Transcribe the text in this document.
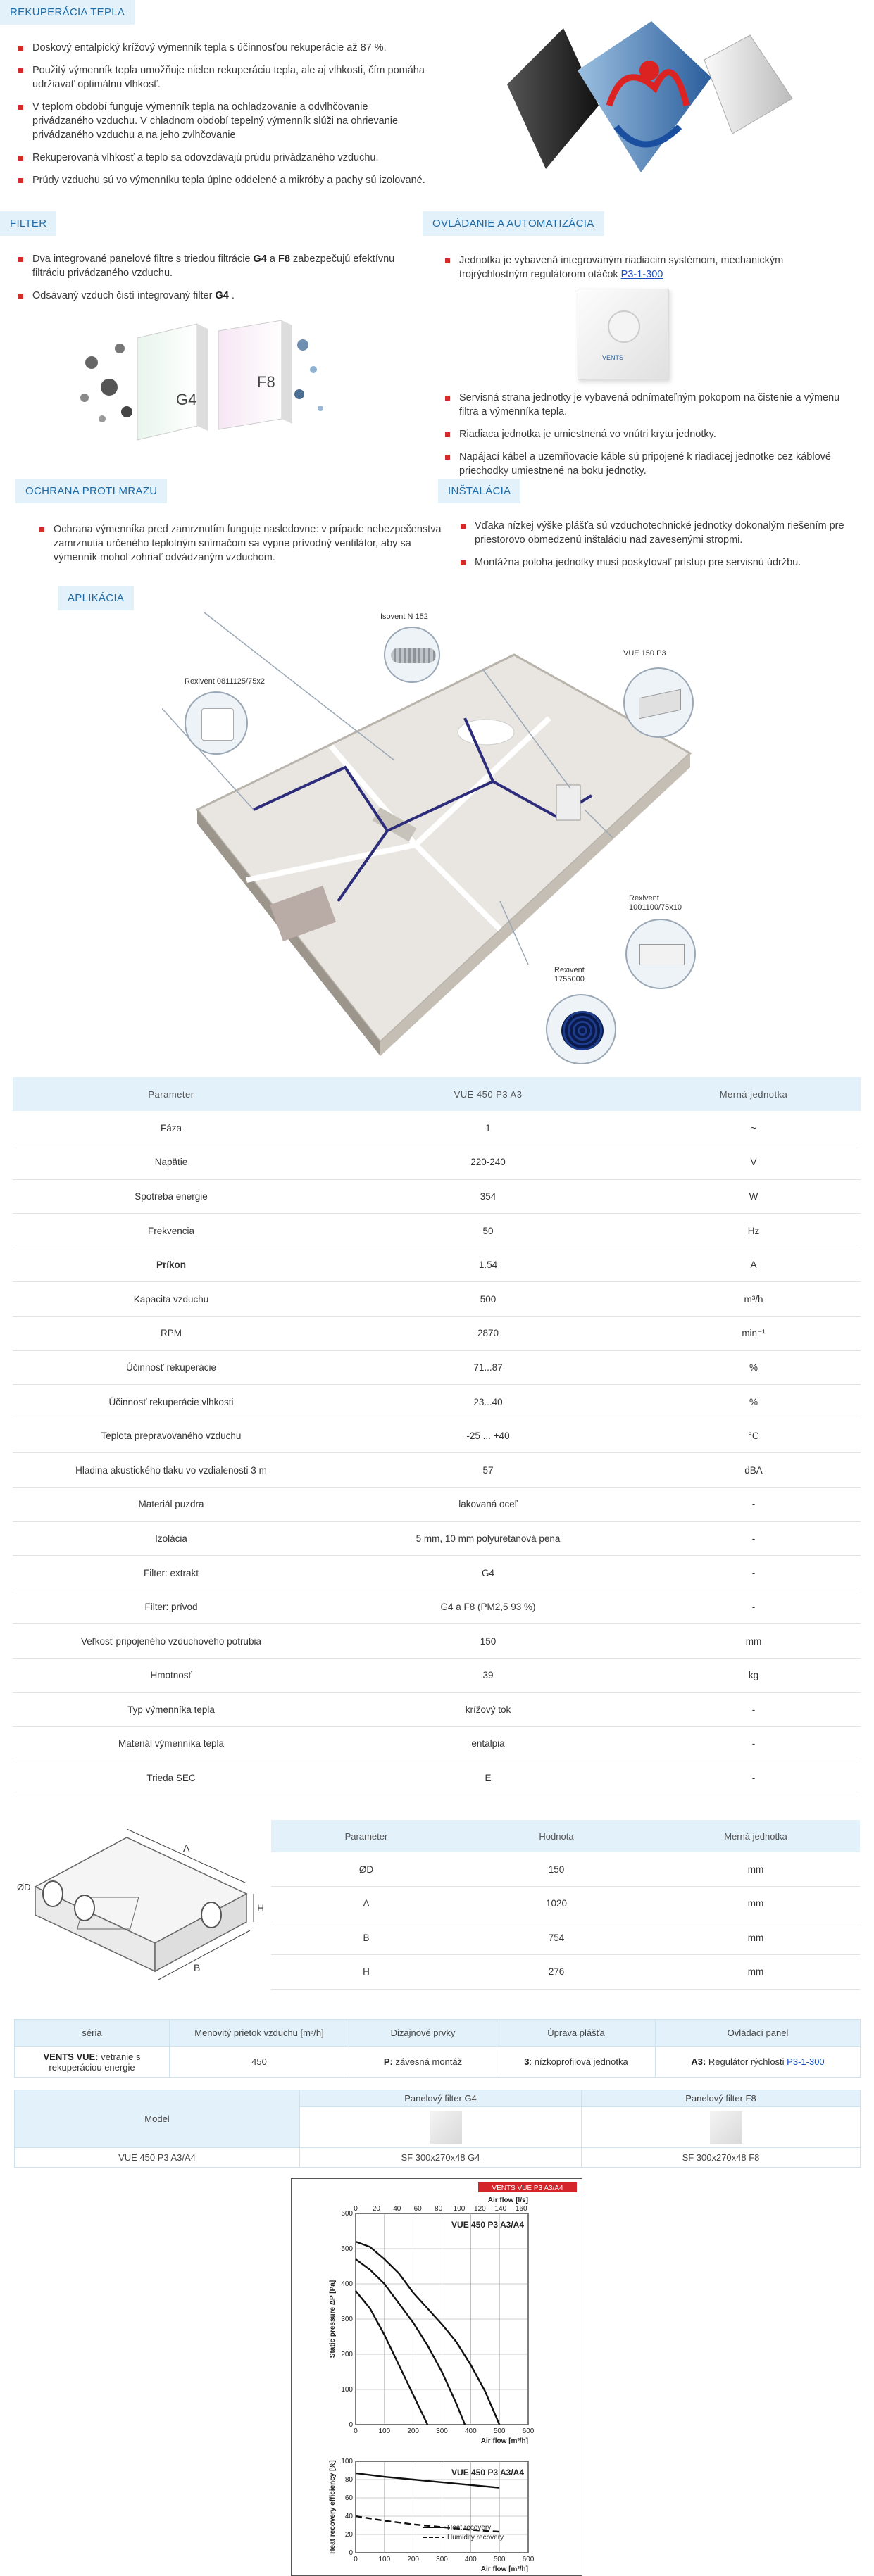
REKUPERÁCIA TEPLA
Doskový entalpický krížový výmenník tepla s účinnosťou rekuperácie až 87 %.
Použitý výmenník tepla umožňuje nielen rekuperáciu tepla, ale aj vlhkosti, čím pomáha udržiavať optimálnu vlhkosť.
V teplom období funguje výmenník tepla na ochladzovanie a odvlhčovanie privádzaného vzduchu. V chladnom období tepelný výmenník slúži na ohrievanie privádzaného vzduchu a na jeho zvlhčovanie
Rekuperovaná vlhkosť a teplo sa odovzdávajú prúdu privádzaného vzduchu.
Prúdy vzduchu sú vo výmenníku tepla úplne oddelené a mikróby a pachy sú izolované.
FILTER
Dva integrované panelové filtre s triedou filtrácie G4 a F8 zabezpečujú efektívnu filtráciu privádzaného vzduchu.
Odsávaný vzduch čistí integrovaný filter G4 .
G4
F8
OVLÁDANIE A AUTOMATIZÁCIA
Jednotka je vybavená integrovaným riadiacim systémom, mechanickým trojrýchlostným regulátorom otáčok P3-1-300
VENTS
Servisná strana jednotky je vybavená odnímateľným pokopom na čistenie a výmenu filtra a výmenníka tepla.
Riadiaca jednotka je umiestnená vo vnútri krytu jednotky.
Napájací kábel a uzemňovacie káble sú pripojené k riadiacej jednotke cez káblové priechodky umiestnené na boku jednotky.
OCHRANA PROTI MRAZU
Ochrana výmenníka pred zamrznutím funguje nasledovne: v prípade nebezpečenstva zamrznutia určeného teplotným snímačom sa vypne prívodný ventilátor, aby sa výmenník mohol zohriať odvádzaným vzduchom.
INŠTALÁCIA
Vďaka nízkej výške plášťa sú vzduchotechnické jednotky dokonalým riešením pre priestorovo obmedzenú inštaláciu nad zavesenými stropmi.
Montážna poloha jednotky musí poskytovať prístup pre servisnú údržbu.
APLIKÁCIA
Isovent N 152
VUE 150 P3
Rexivent 0811125/75x2
Rexivent
1001100/75x10
Rexivent
1755000
Parameter	VUE 450 P3 A3	Merná jednotka
Fáza	1	~
Napätie	220-240	V
Spotreba energie	354	W
Frekvencia	50	Hz
Príkon	1.54	A
Kapacita vzduchu	500	m³/h
RPM	2870	min⁻¹
Účinnosť rekuperácie	71...87	%
Účinnosť rekuperácie vlhkosti	23...40	%
Teplota prepravovaného vzduchu	-25 ... +40	°C
Hladina akustického tlaku vo vzdialenosti 3 m	57	dBA
Materiál puzdra	lakovaná oceľ	-
Izolácia	5 mm, 10 mm polyuretánová pena	-
Filter: extrakt	G4	-
Filter: prívod	G4 a F8 (PM2,5 93 %)	-
Veľkosť pripojeného vzduchového potrubia	150	mm
Hmotnosť	39	kg
Typ výmenníka tepla	krížový tok	-
Materiál výmenníka tepla	entalpia	-
Trieda SEC	E	-
A
B
H
ØD
Parameter	Hodnota	Merná jednotka
ØD	150	mm
A	1020	mm
B	754	mm
H	276	mm
séria	Menovitý prietok vzduchu [m³/h]	Dizajnové prvky	Úprava plášťa	Ovládací panel
VENTS VUE: vetranie s rekuperáciou energie	450	P: závesná montáž	3: nízkoprofilová jednotka	A3: Regulátor rýchlosti P3-1-300
Model	Panelový filter G4	Panelový filter F8

VUE 450 P3 A3/A4	SF 300x270x48 G4	SF 300x270x48 F8
VENTS VUE P3 A3/A4
0
100
200
300
400
500
600
0	100 200 300 400 500 600
0 20 40 60 80 100 120 140 160
Air flow [l/s]
VUE 450 P3 A3/A4
Air flow [m³/h]
Static pressure ΔP [Pa]
0
20
40
60
80
100
0	100 200 300 400 500 600
VUE 450 P3 A3/A4
Air flow [m³/h]
Heat recovery efficiency [%]	Heat recovery
Humidity recovery
